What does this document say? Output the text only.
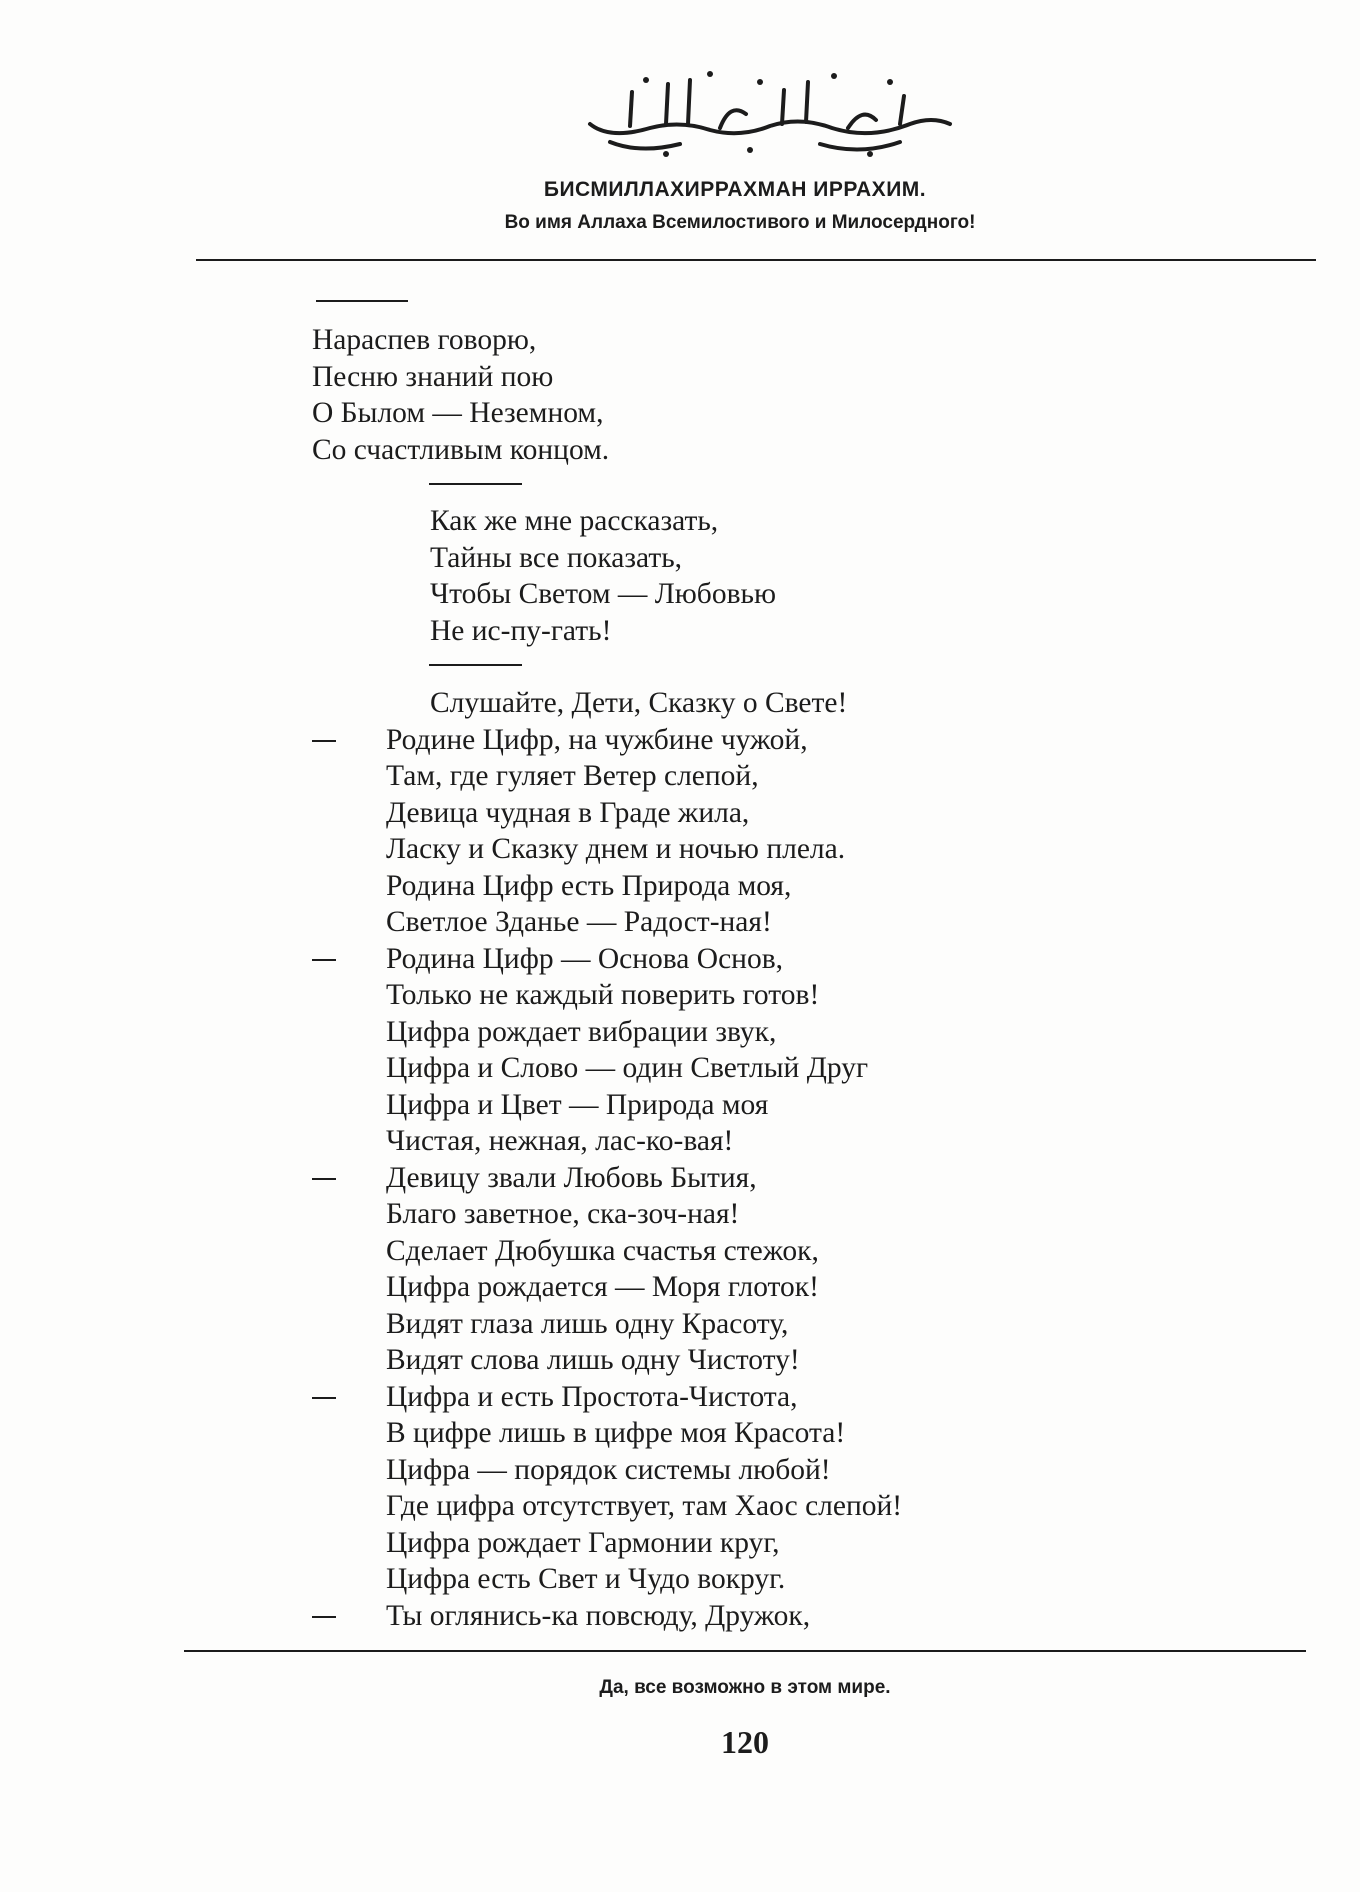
БИСМИЛЛАХИРРАХМАН ИРРАХИМ.
Во имя Аллаха Всемилостивого и Милосердного!
Нараспев говорю,
Песню знаний пою
О Былом — Неземном,
Со счастливым концом.
Как же мне рассказать,
Тайны все показать,
Чтобы Светом — Любовью
Не ис-пу-гать!
Слушайте, Дети, Сказку о Свете!
Родине Цифр, на чужбине чужой,
Там, где гуляет Ветер слепой,
Девица чудная в Граде жила,
Ласку и Сказку днем и ночью плела.
Родина Цифр есть Природа моя,
Светлое Зданье — Радост-ная!
Родина Цифр — Основа Основ,
Только не каждый поверить готов!
Цифра рождает вибрации звук,
Цифра и Слово — один Светлый Друг
Цифра и Цвет — Природа моя
Чистая, нежная, лас-ко-вая!
Девицу звали Любовь Бытия,
Благо заветное, ска-зоч-ная!
Сделает Дюбушка счастья стежок,
Цифра рождается — Моря глоток!
Видят глаза лишь одну Красоту,
Видят слова лишь одну Чистоту!
Цифра и есть Простота-Чистота,
В цифре лишь в цифре моя Красота!
Цифра — порядок системы любой!
Где цифра отсутствует, там Хаос слепой!
Цифра рождает Гармонии круг,
Цифра есть Свет и Чудо вокруг.
Ты оглянись-ка повсюду, Дружок,
Да, все возможно в этом мире.
120
